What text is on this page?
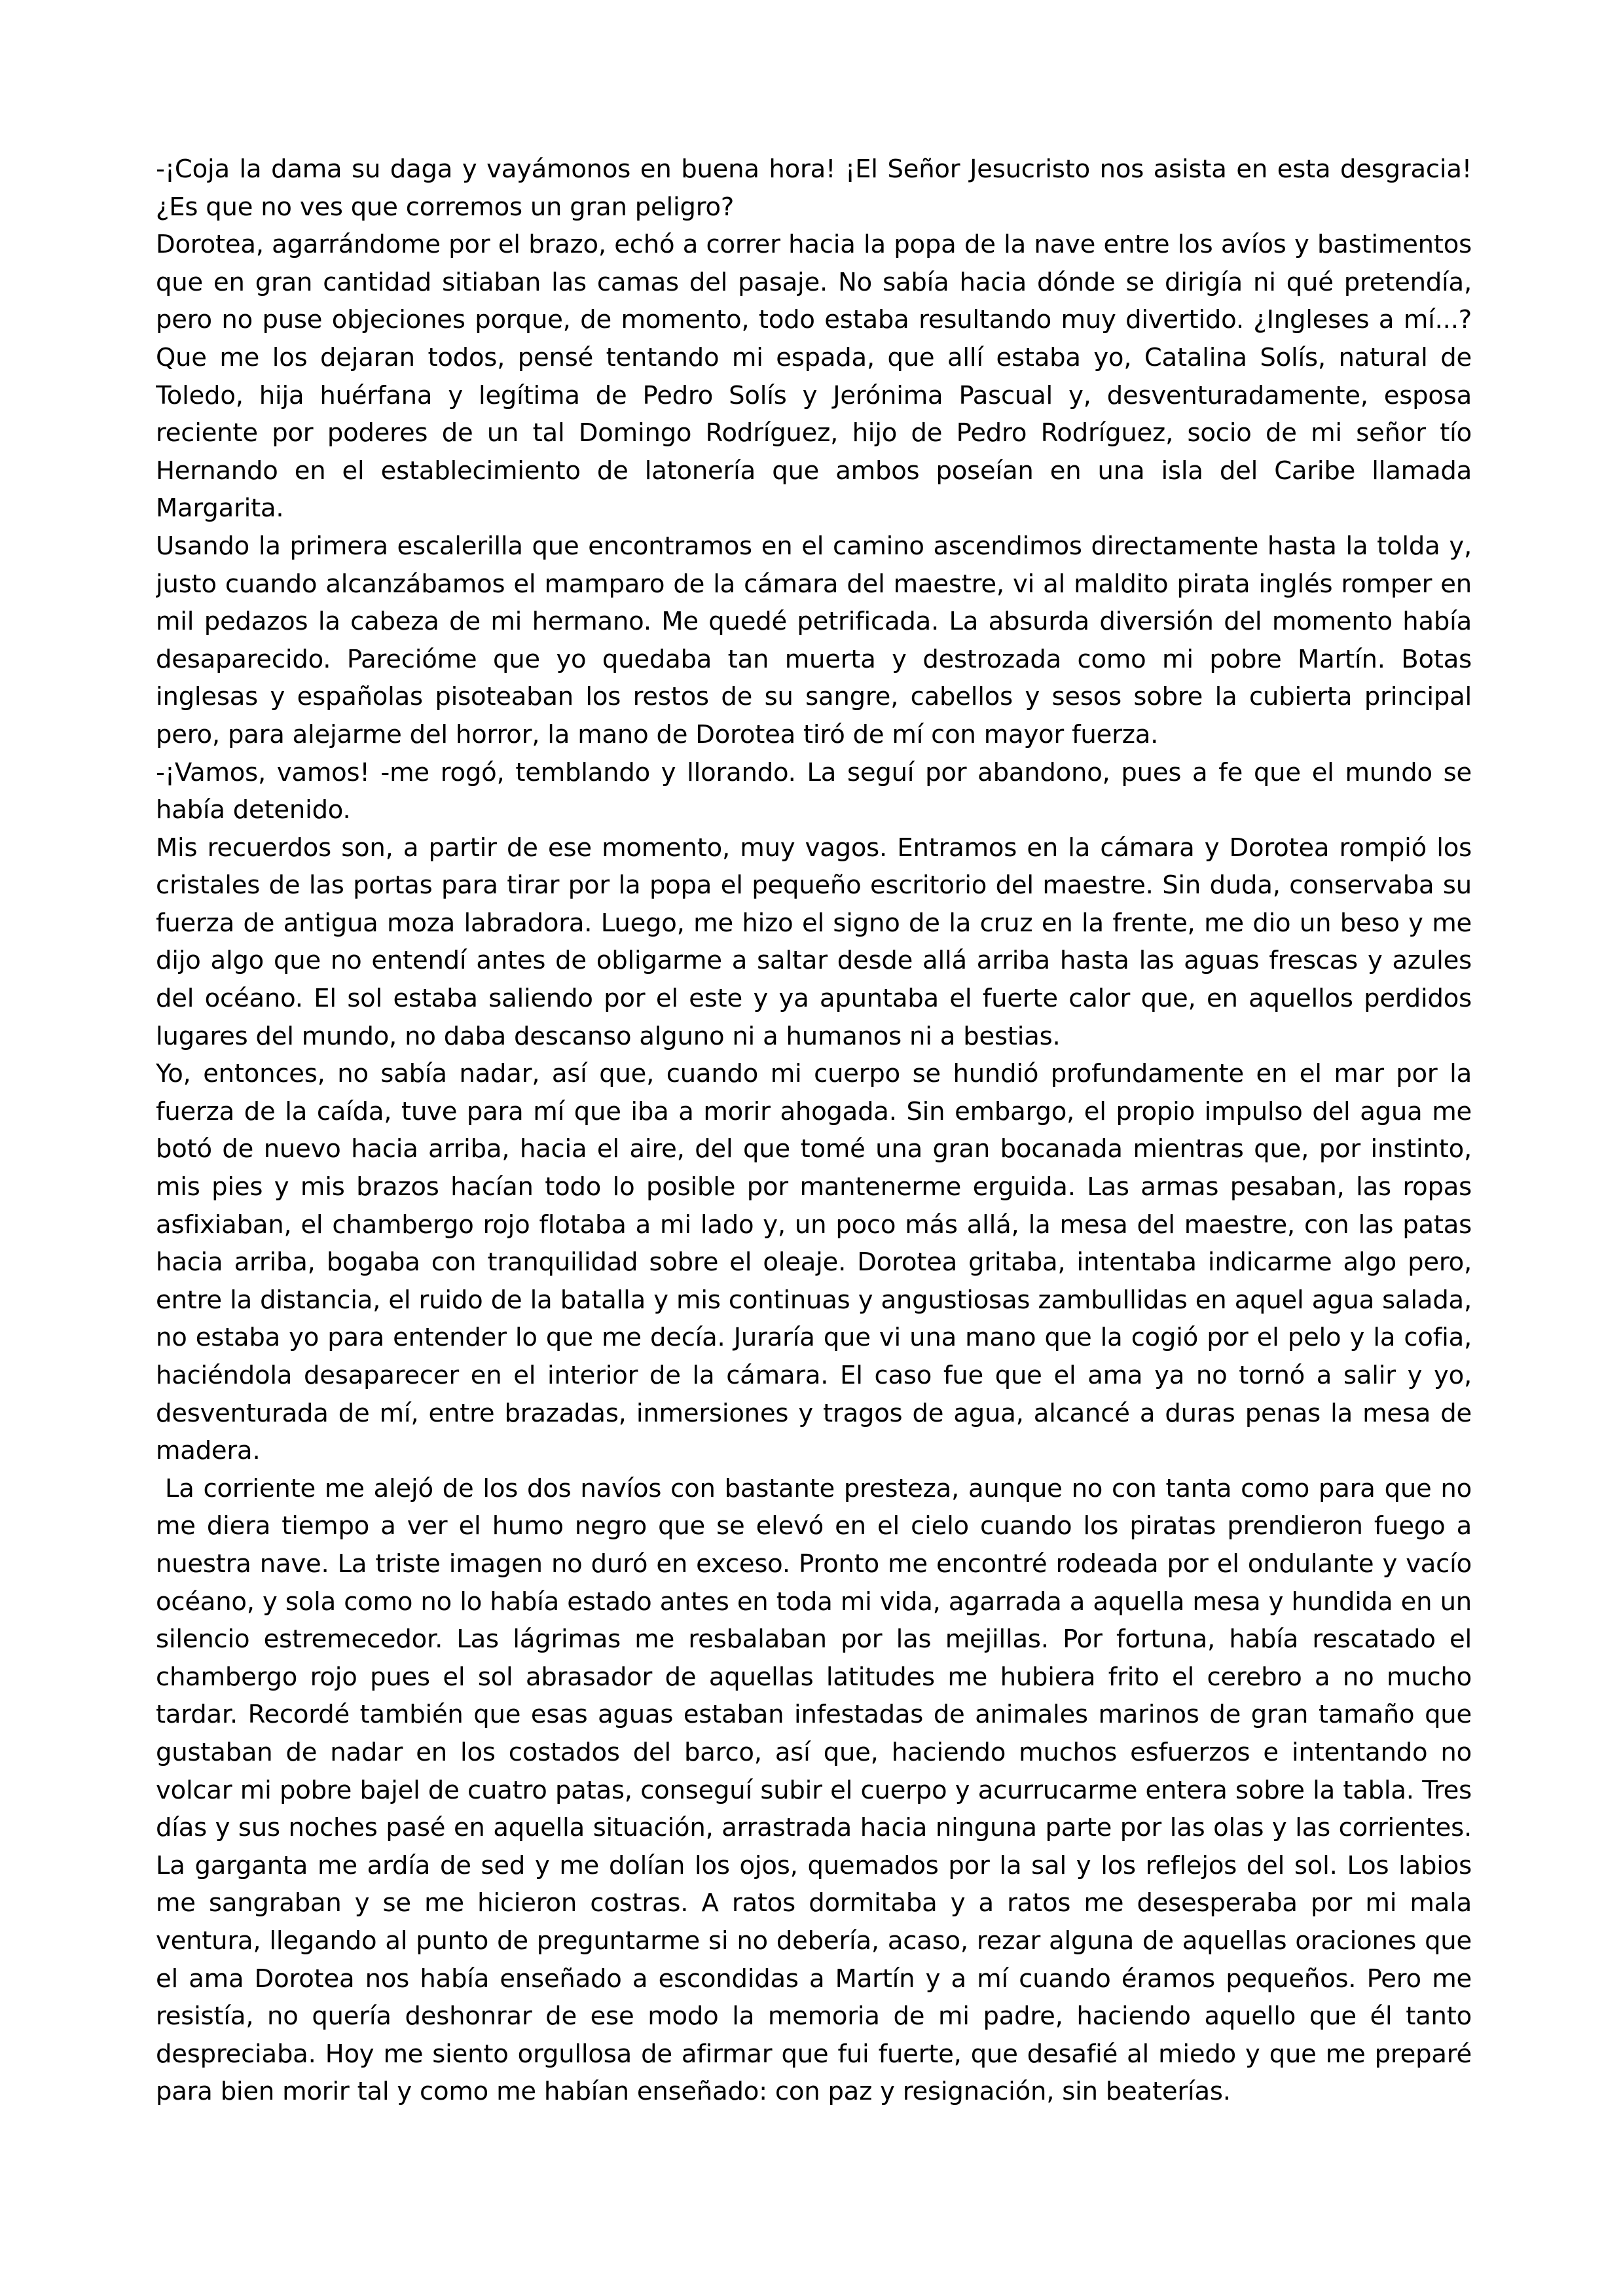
-¡Coja la dama su daga y vayámonos en buena hora! ¡El Señor Jesucristo nos asista en esta desgracia! ¿Es que no ves que corremos un gran peligro?

Dorotea, agarrándome por el brazo, echó a correr hacia la popa de la nave entre los avíos y bastimentos que en gran cantidad sitiaban las camas del pasaje. No sabía hacia dónde se dirigía ni qué pretendía, pero no puse objeciones porque, de momento, todo estaba resultando muy divertido. ¿Ingleses a mí...? Que me los dejaran todos, pensé tentando mi espada, que allí estaba yo, Catalina Solís, natural de Toledo, hija huérfana y legítima de Pedro Solís y Jerónima Pascual y, desventuradamente, esposa reciente por poderes de un tal Domingo Rodríguez, hijo de Pedro Rodríguez, socio de mi señor tío Hernando en el establecimiento de latonería que ambos poseían en una isla del Caribe llamada Margarita.

Usando la primera escalerilla que encontramos en el camino ascendimos directamente hasta la tolda y, justo cuando alcanzábamos el mamparo de la cámara del maestre, vi al maldito pirata inglés romper en mil pedazos la cabeza de mi hermano. Me quedé petrificada. La absurda diversión del momento había desaparecido. Parecióme que yo quedaba tan muerta y destrozada como mi pobre Martín. Botas inglesas y españolas pisoteaban los restos de su sangre, cabellos y sesos sobre la cubierta principal pero, para alejarme del horror, la mano de Dorotea tiró de mí con mayor fuerza.

-¡Vamos, vamos! -me rogó, temblando y llorando. La seguí por abandono, pues a fe que el mundo se había detenido.

Mis recuerdos son, a partir de ese momento, muy vagos. Entramos en la cámara y Dorotea rompió los cristales de las portas para tirar por la popa el pequeño escritorio del maestre. Sin duda, conservaba su fuerza de antigua moza labradora. Luego, me hizo el signo de la cruz en la frente, me dio un beso y me dijo algo que no entendí antes de obligarme a saltar desde allá arriba hasta las aguas frescas y azules del océano. El sol estaba saliendo por el este y ya apuntaba el fuerte calor que, en aquellos perdidos lugares del mundo, no daba descanso alguno ni a humanos ni a bestias.

Yo, entonces, no sabía nadar, así que, cuando mi cuerpo se hundió profundamente en el mar por la fuerza de la caída, tuve para mí que iba a morir ahogada. Sin embargo, el propio impulso del agua me botó de nuevo hacia arriba, hacia el aire, del que tomé una gran bocanada mientras que, por instinto, mis pies y mis brazos hacían todo lo posible por mantenerme erguida. Las armas pesaban, las ropas asfixiaban, el chambergo rojo flotaba a mi lado y, un poco más allá, la mesa del maestre, con las patas hacia arriba, bogaba con tranquilidad sobre el oleaje. Dorotea gritaba, intentaba indicarme algo pero, entre la distancia, el ruido de la batalla y mis continuas y angustiosas zambullidas en aquel agua salada, no estaba yo para entender lo que me decía. Juraría que vi una mano que la cogió por el pelo y la cofia, haciéndola desaparecer en el interior de la cámara. El caso fue que el ama ya no tornó a salir y yo, desventurada de mí, entre brazadas, inmersiones y tragos de agua, alcancé a duras penas la mesa de madera.

La corriente me alejó de los dos navíos con bastante presteza, aunque no con tanta como para que no me diera tiempo a ver el humo negro que se elevó en el cielo cuando los piratas prendieron fuego a nuestra nave. La triste imagen no duró en exceso. Pronto me encontré rodeada por el ondulante y vacío océano, y sola como no lo había estado antes en toda mi vida, agarrada a aquella mesa y hundida en un silencio estremecedor. Las lágrimas me resbalaban por las mejillas. Por fortuna, había rescatado el chambergo rojo pues el sol abrasador de aquellas latitudes me hubiera frito el cerebro a no mucho tardar. Recordé también que esas aguas estaban infestadas de animales marinos de gran tamaño que gustaban de nadar en los costados del barco, así que, haciendo muchos esfuerzos e intentando no volcar mi pobre bajel de cuatro patas, conseguí subir el cuerpo y acurrucarme entera sobre la tabla. Tres días y sus noches pasé en aquella situación, arrastrada hacia ninguna parte por las olas y las corrientes. La garganta me ardía de sed y me dolían los ojos, quemados por la sal y los reflejos del sol. Los labios me sangraban y se me hicieron costras. A ratos dormitaba y a ratos me desesperaba por mi mala ventura, llegando al punto de preguntarme si no debería, acaso, rezar alguna de aquellas oraciones que el ama Dorotea nos había enseñado a escondidas a Martín y a mí cuando éramos pequeños. Pero me resistía, no quería deshonrar de ese modo la memoria de mi padre, haciendo aquello que él tanto despreciaba. Hoy me siento orgullosa de afirmar que fui fuerte, que desafié al miedo y que me preparé para bien morir tal y como me habían enseñado: con paz y resignación, sin beaterías.
